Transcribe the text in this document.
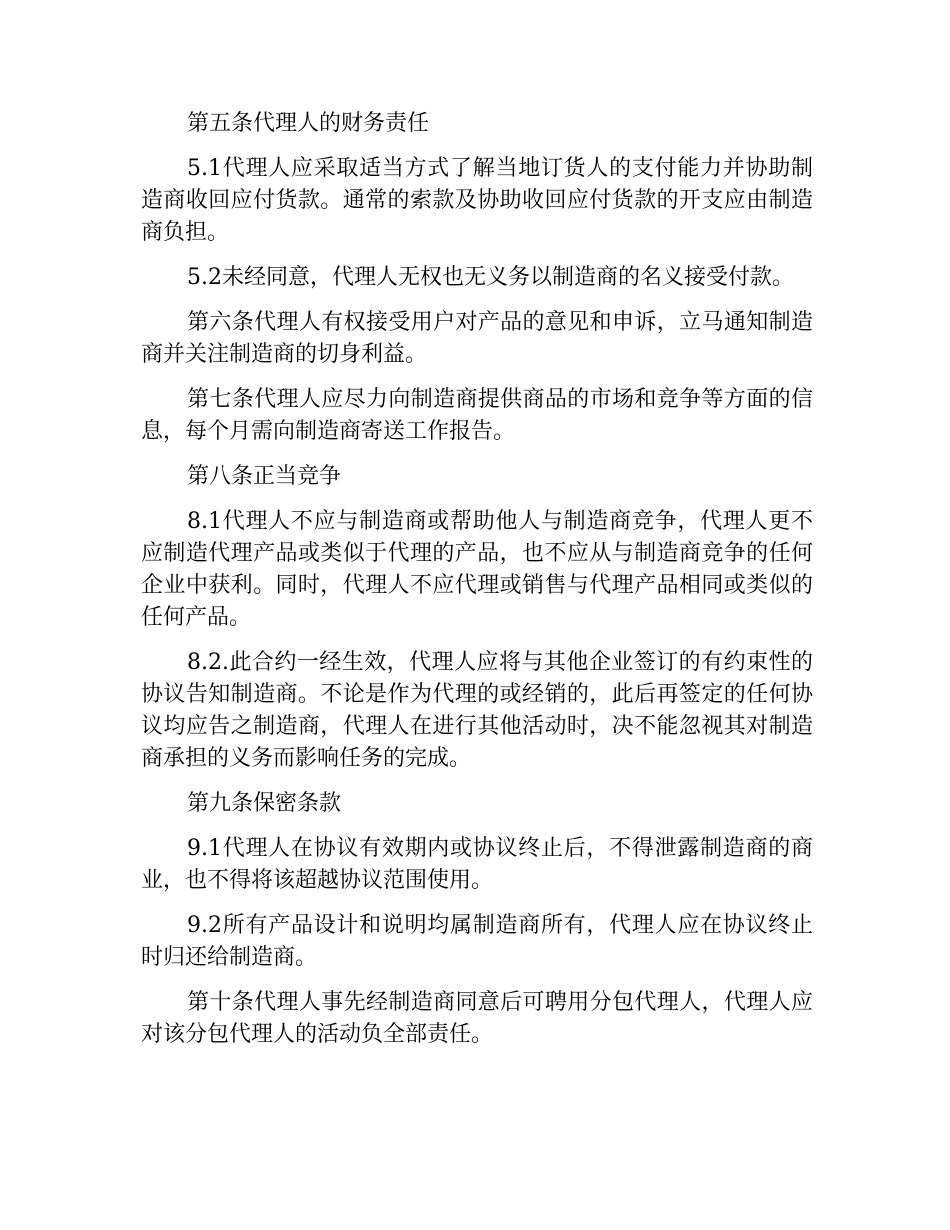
第五条代理人的财务责任

5.1代理人应采取适当方式了解当地订货人的支付能力并协助制造商收回应付货款。通常的索款及协助收回应付货款的开支应由制造商负担。

5.2未经同意，代理人无权也无义务以制造商的名义接受付款。

第六条代理人有权接受用户对产品的意见和申诉，立马通知制造商并关注制造商的切身利益。

第七条代理人应尽力向制造商提供商品的市场和竞争等方面的信息，每个月需向制造商寄送工作报告。

第八条正当竞争

8.1代理人不应与制造商或帮助他人与制造商竞争，代理人更不应制造代理产品或类似于代理的产品，也不应从与制造商竞争的任何企业中获利。同时，代理人不应代理或销售与代理产品相同或类似的任何产品。

8.2.此合约一经生效，代理人应将与其他企业签订的有约束性的协议告知制造商。不论是作为代理的或经销的，此后再签定的任何协议均应告之制造商，代理人在进行其他活动时，决不能忽视其对制造商承担的义务而影响任务的完成。

第九条保密条款

9.1代理人在协议有效期内或协议终止后，不得泄露制造商的商业，也不得将该超越协议范围使用。

9.2所有产品设计和说明均属制造商所有，代理人应在协议终止时归还给制造商。

第十条代理人事先经制造商同意后可聘用分包代理人，代理人应对该分包代理人的活动负全部责任。
